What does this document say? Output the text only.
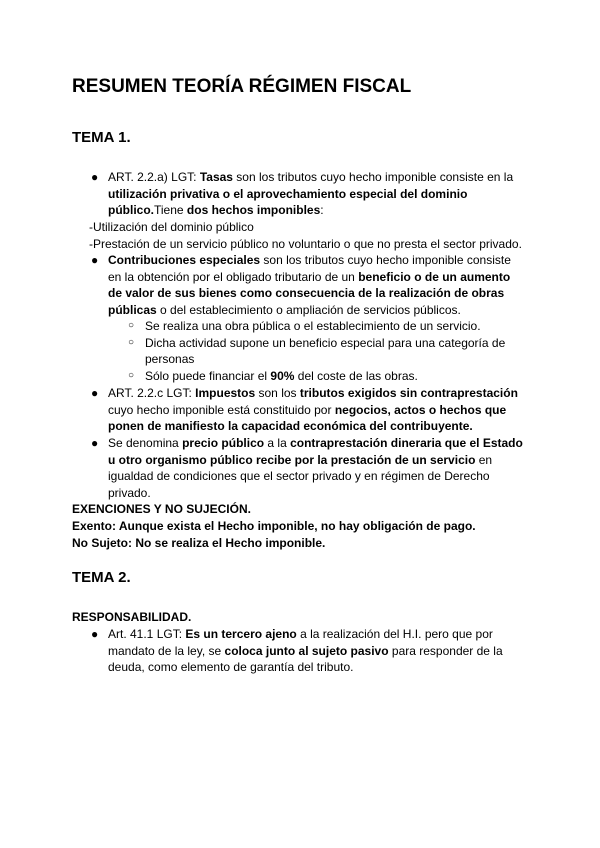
RESUMEN TEORÍA RÉGIMEN FISCAL
TEMA 1.
● ART. 2.2.a) LGT: Tasas son los tributos cuyo hecho imponible consiste en la

utilización privativa o el aprovechamiento especial del dominio

público.Tiene dos hechos imponibles:

-Utilización del dominio público

-Prestación de un servicio público no voluntario o que no presta el sector privado.

● Contribuciones especiales son los tributos cuyo hecho imponible consiste

en la obtención por el obligado tributario de un beneficio o de un aumento

de valor de sus bienes como consecuencia de la realización de obras

públicas o del establecimiento o ampliación de servicios públicos.

○ Se realiza una obra pública o el establecimiento de un servicio.

○ Dicha actividad supone un beneficio especial para una categoría de

personas

○ Sólo puede financiar el 90% del coste de las obras.

● ART. 2.2.c LGT: Impuestos son los tributos exigidos sin contraprestación

cuyo hecho imponible está constituido por negocios, actos o hechos que

ponen de manifiesto la capacidad económica del contribuyente.

● Se denomina precio público a la contraprestación dineraria que el Estado

u otro organismo público recibe por la prestación de un servicio en

igualdad de condiciones que el sector privado y en régimen de Derecho

privado.

EXENCIONES Y NO SUJECIÓN.

Exento: Aunque exista el Hecho imponible, no hay obligación de pago.

No Sujeto: No se realiza el Hecho imponible.

TEMA 2.

RESPONSABILIDAD.

● Art. 41.1 LGT: Es un tercero ajeno a la realización del H.I. pero que por

mandato de la ley, se coloca junto al sujeto pasivo para responder de la

deuda, como elemento de garantía del tributo.
